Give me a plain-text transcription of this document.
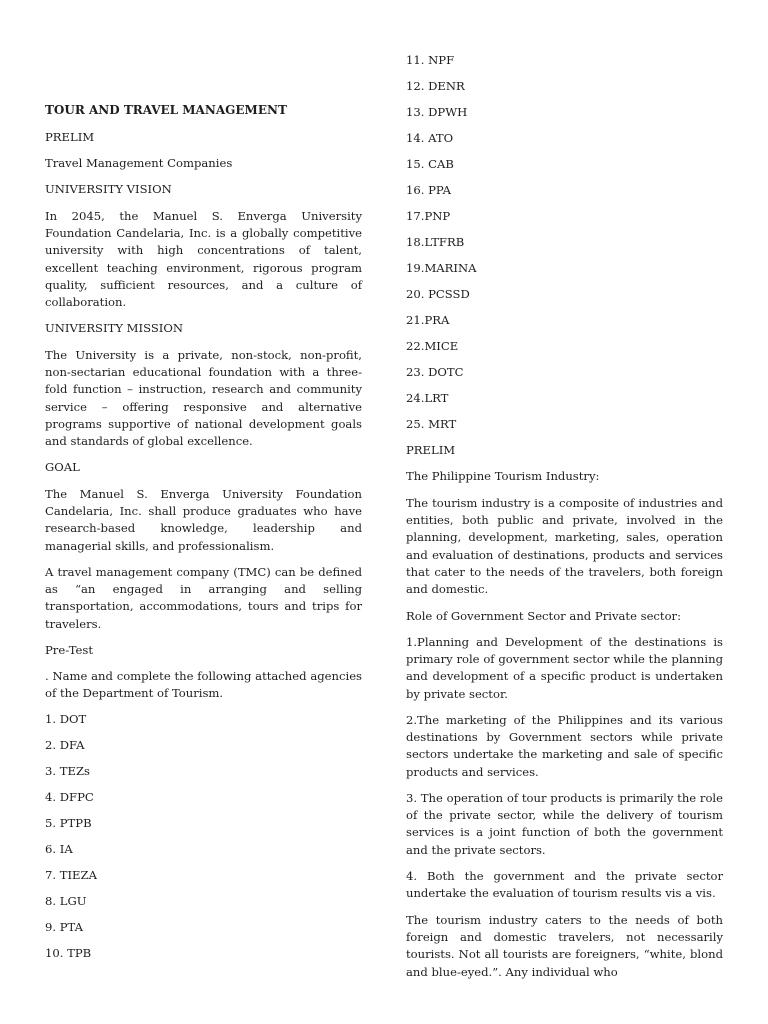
TOUR AND TRAVEL MANAGEMENT
PRELIM
Travel Management Companies
UNIVERSITY VISION

In 2045, the Manuel S. Enverga University Foundation Candelaria, Inc. is a globally competitive university with high concentrations of talent, excellent teaching environment, rigorous program quality, sufficient resources, and a culture of collaboration.

UNIVERSITY MISSION

The University is a private, non-stock, non-profit, non-sectarian educational foundation with a three-fold function – instruction, research and community service – offering responsive and alternative programs supportive of national development goals and standards of global excellence.

GOAL

The Manuel S. Enverga University Foundation Candelaria, Inc. shall produce graduates who have research-based knowledge, leadership and managerial skills, and professionalism.

A travel management company (TMC) can be defined as “an engaged in arranging and selling transportation, accommodations, tours and trips for travelers.

Pre-Test

. Name and complete the following attached agencies of the Department of Tourism.

1. DOT
2. DFA
3. TEZs
4. DFPC
5. PTPB
6. IA
7. TIEZA
8. LGU
9. PTA
10. TPB
11. NPF
12. DENR
13. DPWH
14. ATO
15. CAB
16. PPA
17.PNP
18.LTFRB
19.MARINA
20. PCSSD
21.PRA
22.MICE
23. DOTC
24.LRT
25. MRT
PRELIM
The Philippine Tourism Industry:

The tourism industry is a composite of industries and entities, both public and private, involved in the planning, development, marketing, sales, operation and evaluation of destinations, products and services that cater to the needs of the travelers, both foreign and domestic.

Role of Government Sector and Private sector:

1.Planning and Development of the destinations is primary role of government sector while the planning and development of a specific product is undertaken by private sector.

2.The marketing of the Philippines and its various destinations by Government sectors while private sectors undertake the marketing and sale of specific products and services.

3. The operation of tour products is primarily the role of the private sector, while the delivery of tourism services is a joint function of both the government and the private sectors.

4. Both the government and the private sector undertake the evaluation of tourism results vis a vis.

The tourism industry caters to the needs of both foreign and domestic travelers, not necessarily tourists. Not all tourists are foreigners, “white, blond and blue-eyed.”. Any individual who
